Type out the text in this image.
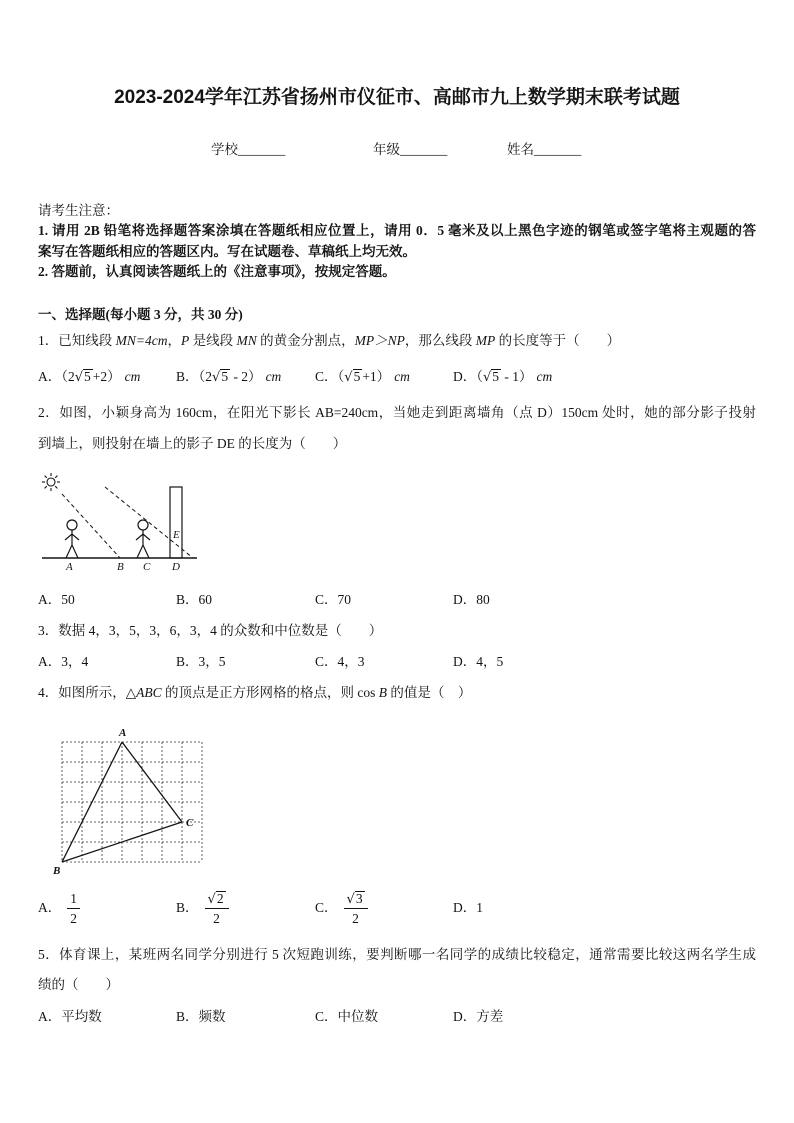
2023-2024学年江苏省扬州市仪征市、高邮市九上数学期末联考试题
学校_______	年级_______	姓名_______
请考生注意：
1. 请用 2B 铅笔将选择题答案涂填在答题纸相应位置上，请用 0．5 毫米及以上黑色字迹的钢笔或签字笔将主观题的答
案写在答题纸相应的答题区内。写在试题卷、草稿纸上均无效。
2. 答题前，认真阅读答题纸上的《注意事项》，按规定答题。
一、选择题(每小题 3 分，共 30 分)
1．已知线段 MN=4cm，P 是线段 MN 的黄金分割点，MP＞NP，那么线段 MP 的长度等于（　　）
A．（2√5 +2） cm	B．（2√5 - 2） cm C．（√5 +1） cm	D．（√5 - 1） cm
2．如图，小颖身高为 160cm，在阳光下影长 AB=240cm，当她走到距离墙角（点 D）150cm 处时，她的部分影子投射
到墙上，则投射在墙上的影子 DE 的长度为（　　）
A	B C D
E
A．50	B．60	C．70	D．80
3．数据 4，3，5，3，6，3，4 的众数和中位数是（　　）
A．3，4	B．3，5	C．4，3	D．4，5
4．如图所示，△ABC 的顶点是正方形网格的格点，则 cos B 的值是（　）
A
B
C
A． $\frac{1}{2}$	B． $\frac{√2}{2}$	C． $\frac{√3}{2}$	D． 1
5．体育课上，某班两名同学分别进行 5 次短跑训练，要判断哪一名同学的成绩比较稳定，通常需要比较这两名学生成
绩的（　　）
A．平均数	B．频数	C．中位数	D．方差
